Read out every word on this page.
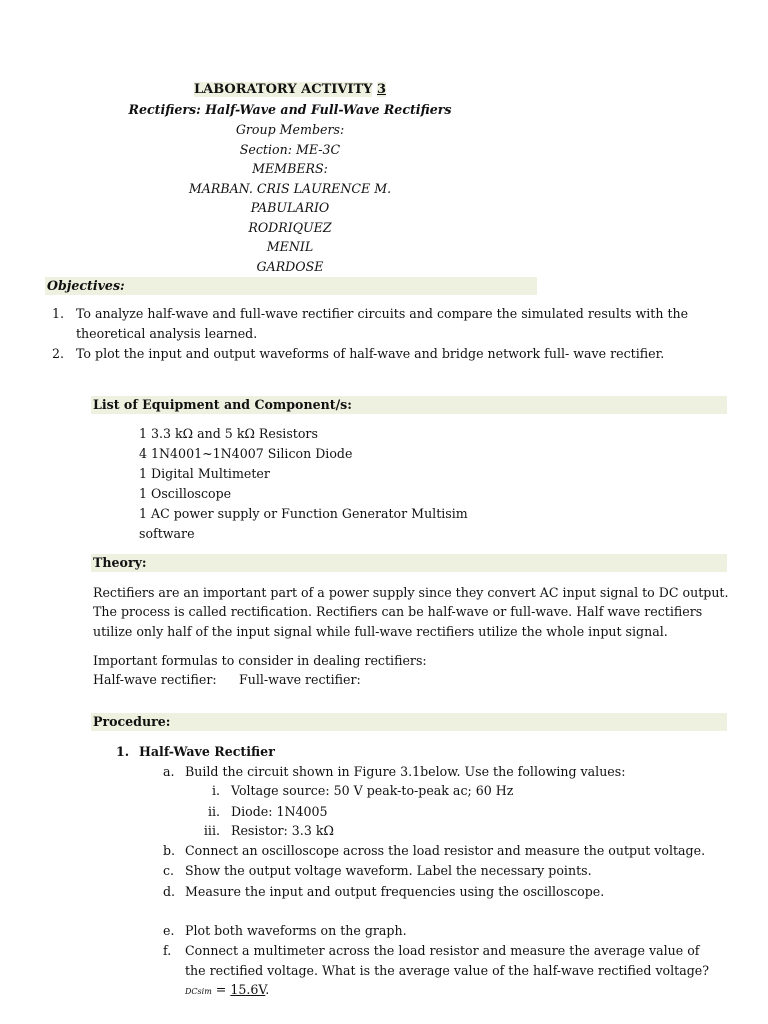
LABORATORY ACTIVITY 3
Rectifiers: Half-Wave and Full-Wave Rectifiers
Group Members:
Section: ME-3C
MEMBERS:
MARBAN. CRIS LAURENCE M.
PABULARIO
RODRIQUEZ
MENIL
GARDOSE
Objectives:
1. To analyze half-wave and full-wave rectifier circuits and compare the simulated results with the
theoretical analysis learned.
2. To plot the input and output waveforms of half-wave and bridge network full- wave rectifier.
List of Equipment and Component/s:
1 3.3 kΩ and 5 kΩ Resistors
4 1N4001~1N4007 Silicon Diode
1 Digital Multimeter
1 Oscilloscope
1 AC power supply or Function Generator Multisim
software
Theory:
Rectifiers are an important part of a power supply since they convert AC input signal to DC output.
The process is called rectification. Rectifiers can be half-wave or full-wave. Half wave rectifiers
utilize only half of the input signal while full-wave rectifiers utilize the whole input signal.
Important formulas to consider in dealing rectifiers:
Half-wave rectifier: Full-wave rectifier:
Procedure:
1. Half-Wave Rectifier
a. Build the circuit shown in Figure 3.1below. Use the following values:
i. Voltage source: 50 V peak-to-peak ac; 60 Hz
ii. Diode: 1N4005
iii. Resistor: 3.3 kΩ
b. Connect an oscilloscope across the load resistor and measure the output voltage.
c. Show the output voltage waveform. Label the necessary points.
d. Measure the input and output frequencies using the oscilloscope.
e. Plot both waveforms on the graph.
f. Connect a multimeter across the load resistor and measure the average value of
the rectified voltage. What is the average value of the half-wave rectified voltage?
DCsim = 15.6V.
